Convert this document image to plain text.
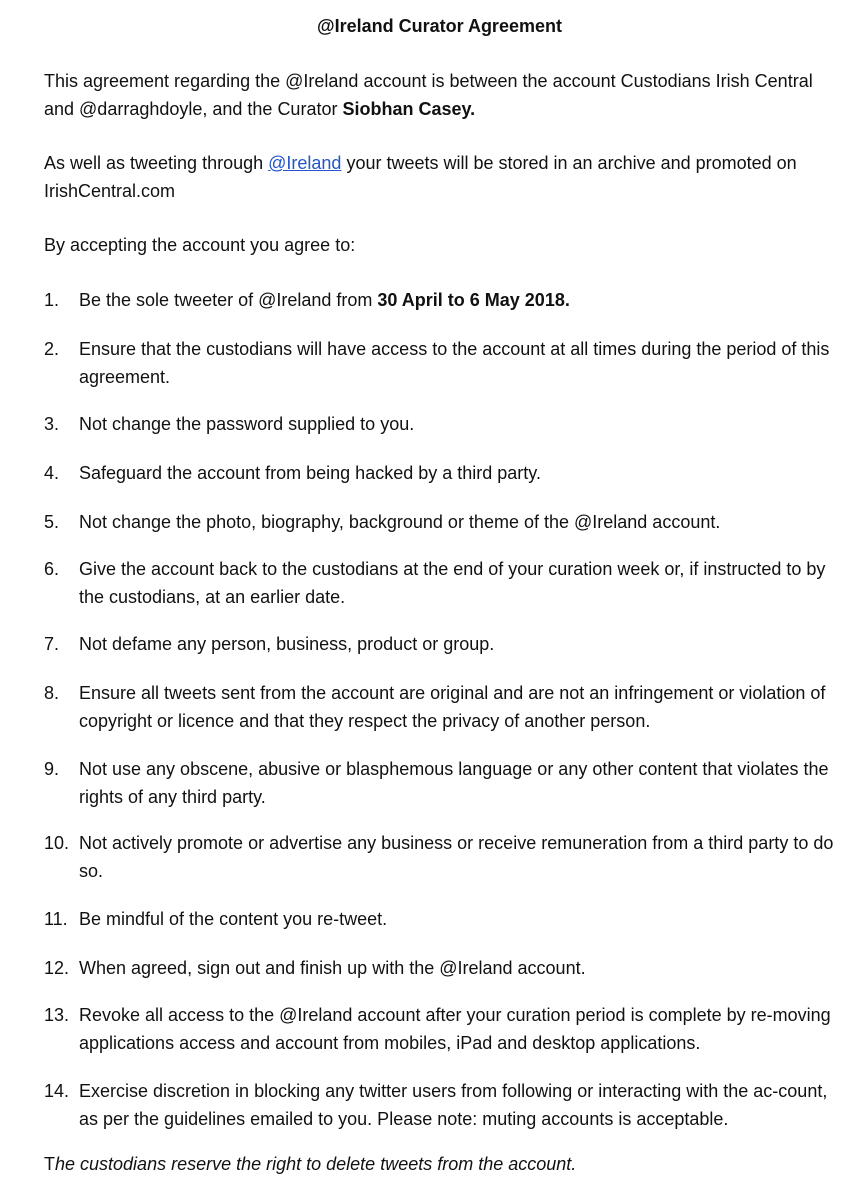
@Ireland Curator Agreement
This agreement regarding the @Ireland account is between the account Custodians Irish Central and @darraghdoyle, and the Curator Siobhan Casey.
As well as tweeting through @Ireland your tweets will be stored in an archive and promoted on IrishCentral.com
By accepting the account you agree to:
1.	Be the sole tweeter of @Ireland from 30 April to 6 May 2018.
2.	Ensure that the custodians will have access to the account at all times during the period of this agreement.
3.	Not change the password supplied to you.
4.	Safeguard the account from being hacked by a third party.
5.	Not change the photo, biography, background or theme of the @Ireland account.
6.	Give the account back to the custodians at the end of your curation week or, if instructed to by the custodians, at an earlier date.
7.	Not defame any person, business, product or group.
8.	Ensure all tweets sent from the account are original and are not an infringement or violation of copyright or licence and that they respect the privacy of another person.
9.	Not use any obscene, abusive or blasphemous language or any other content that violates the rights of any third party.
10. Not actively promote or advertise any business or receive remuneration from a third party to do so.
11. Be mindful of the content you re-tweet.
12. When agreed, sign out and finish up with the @Ireland account.
13. Revoke all access to the @Ireland account after your curation period is complete by re-moving applications access and account from mobiles, iPad and desktop applications.
14. Exercise discretion in blocking any twitter users from following or interacting with the ac-count, as per the guidelines emailed to you. Please note: muting accounts is acceptable.
The custodians reserve the right to delete tweets from the account.
